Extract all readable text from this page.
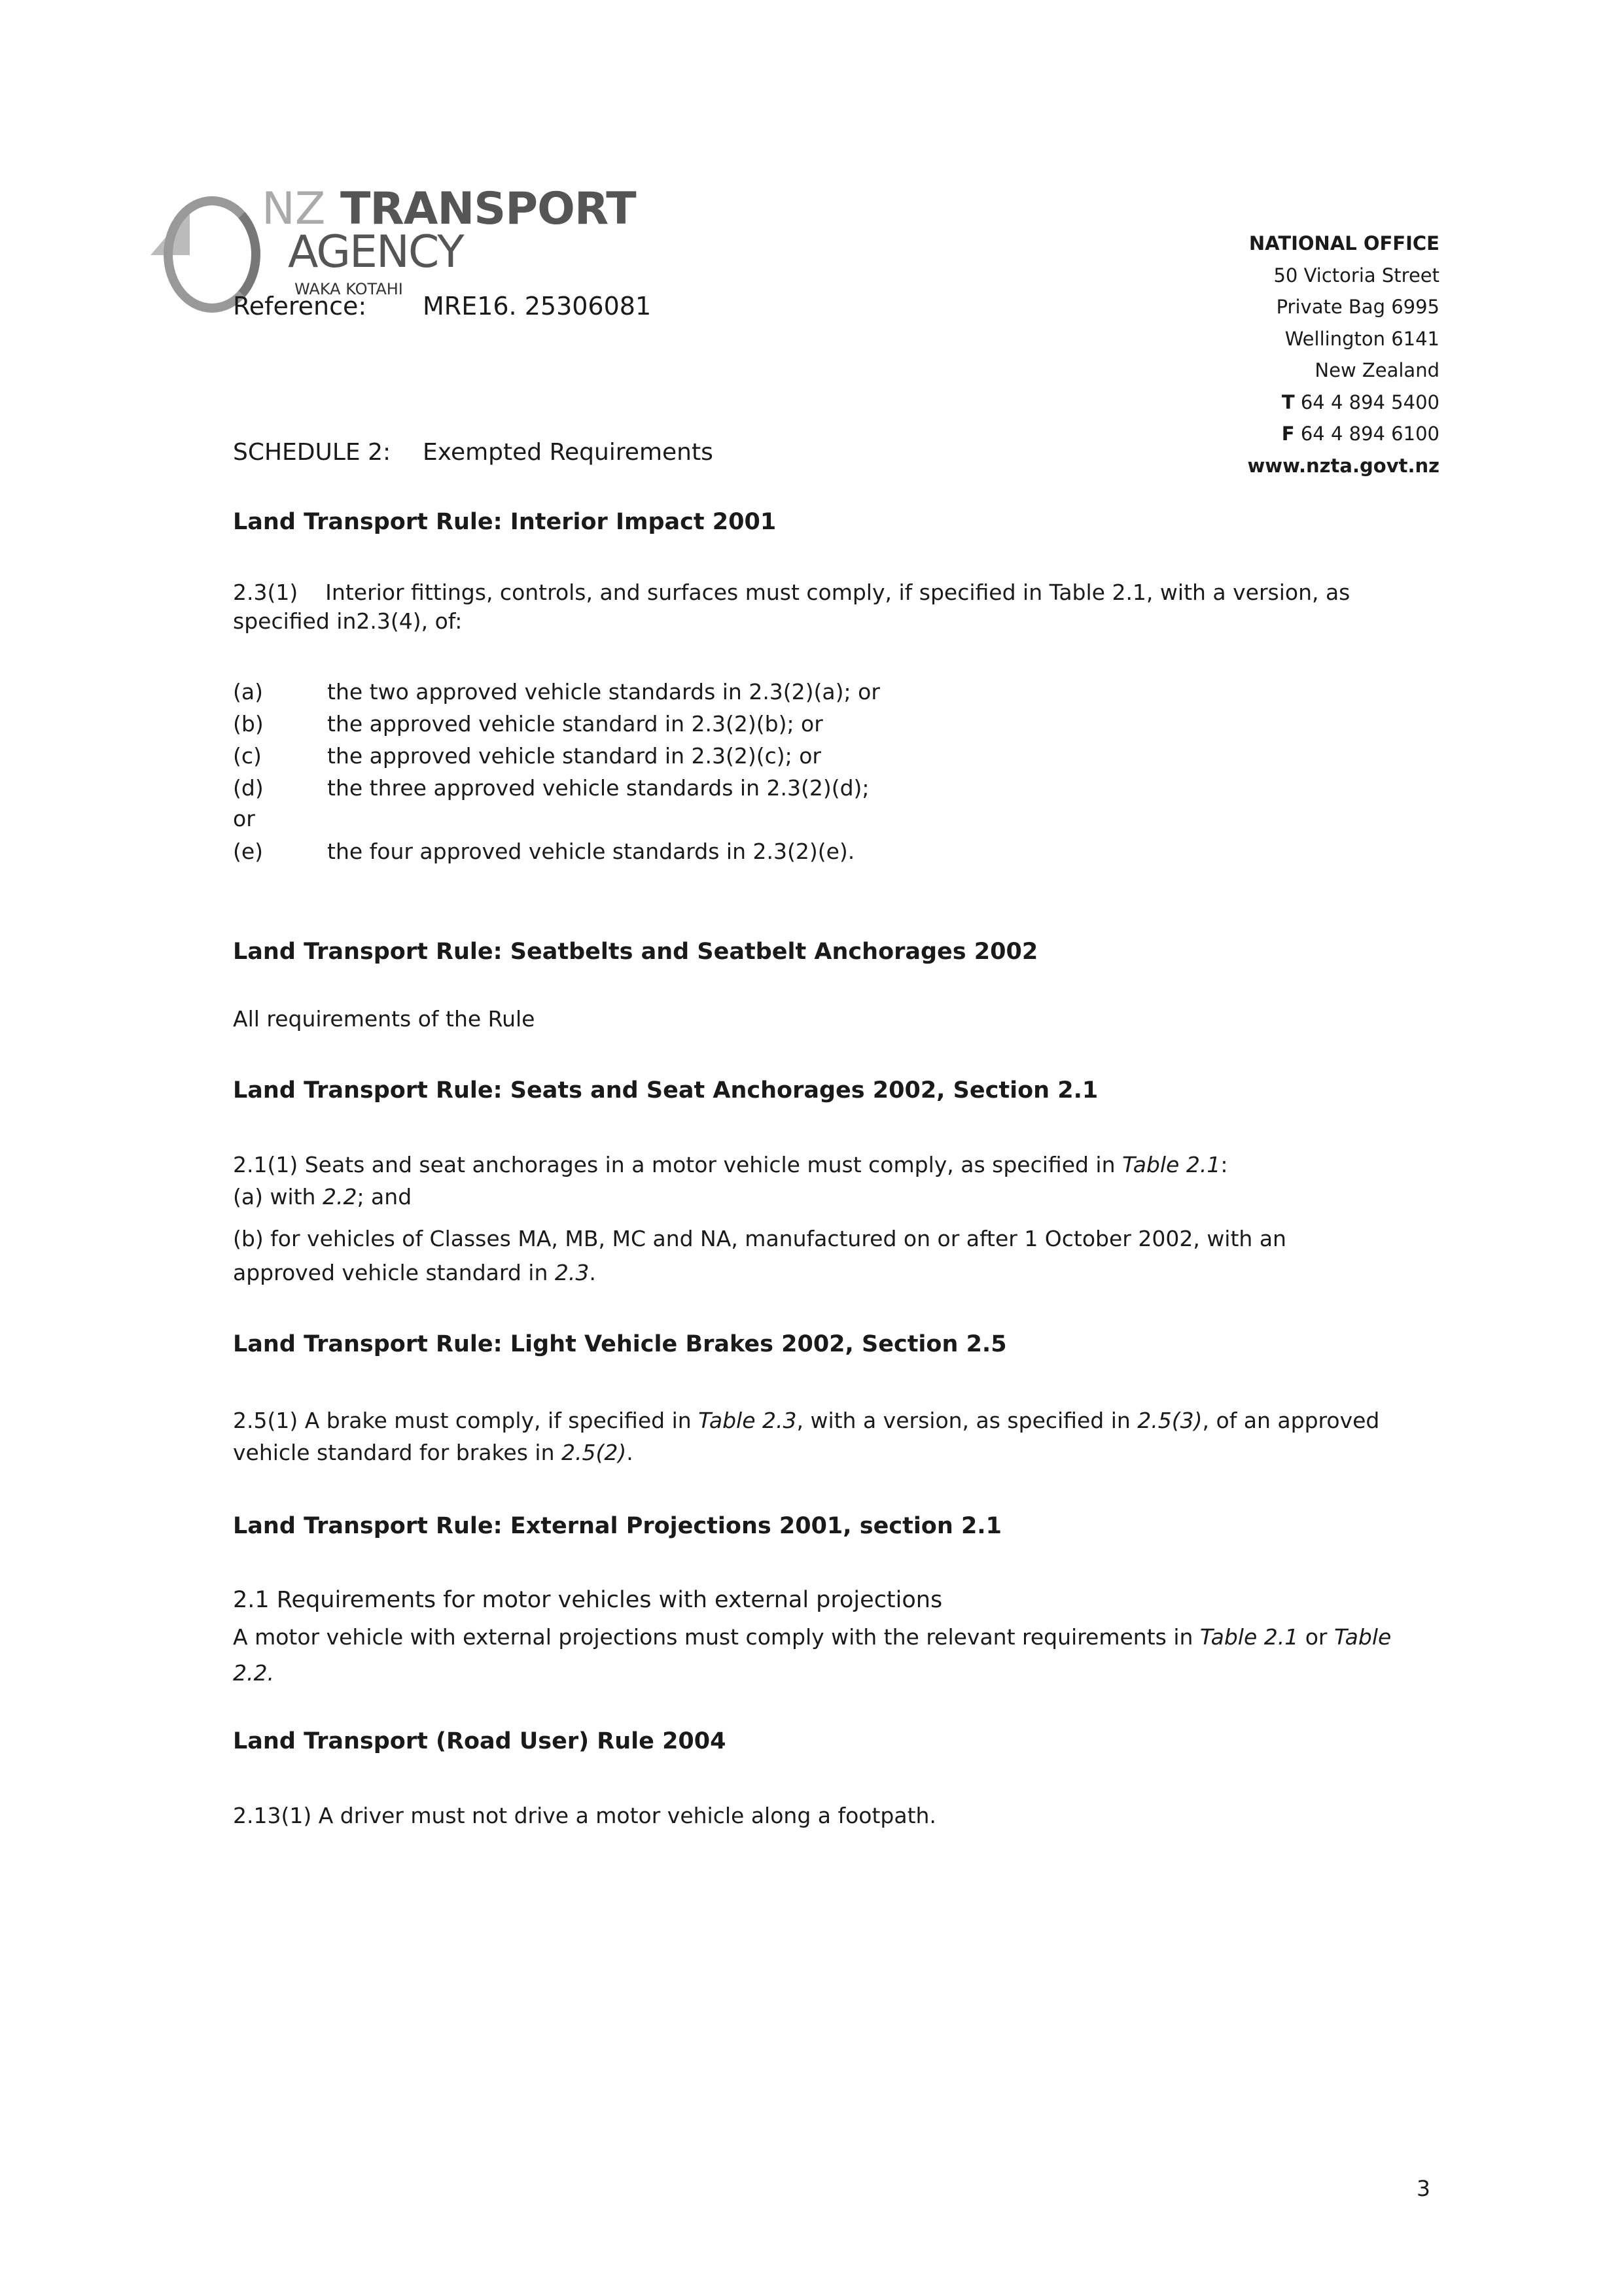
NZ TRANSPORT
AGENCY
WAKA KOTAHI
Reference: MRE16. 25306081
NATIONAL OFFICE
50 Victoria Street
Private Bag 6995
Wellington 6141
New Zealand
T 64 4 894 5400
F 64 4 894 6100
www.nzta.govt.nz
SCHEDULE 2: Exempted Requirements
Land Transport Rule: Interior Impact 2001
2.3(1)    Interior fittings, controls, and surfaces must comply, if specified in Table 2.1, with a version, as
specified in2.3(4), of:
(a)	the two approved vehicle standards in 2.3(2)(a); or
(b)	the approved vehicle standard in 2.3(2)(b); or
(c)	the approved vehicle standard in 2.3(2)(c); or
(d)	the three approved vehicle standards in 2.3(2)(d);
or
(e)	the four approved vehicle standards in 2.3(2)(e).
Land Transport Rule: Seatbelts and Seatbelt Anchorages 2002
All requirements of the Rule
Land Transport Rule: Seats and Seat Anchorages 2002, Section 2.1
2.1(1) Seats and seat anchorages in a motor vehicle must comply, as specified in Table 2.1:
(a) with 2.2; and
(b) for vehicles of Classes MA, MB, MC and NA, manufactured on or after 1 October 2002, with an
approved vehicle standard in 2.3.
Land Transport Rule: Light Vehicle Brakes 2002, Section 2.5
2.5(1) A brake must comply, if specified in Table 2.3, with a version, as specified in 2.5(3), of an approved
vehicle standard for brakes in 2.5(2).
Land Transport Rule: External Projections 2001, section 2.1
2.1 Requirements for motor vehicles with external projections
A motor vehicle with external projections must comply with the relevant requirements in Table 2.1 or Table
2.2.
Land Transport (Road User) Rule 2004
2.13(1) A driver must not drive a motor vehicle along a footpath.
3
